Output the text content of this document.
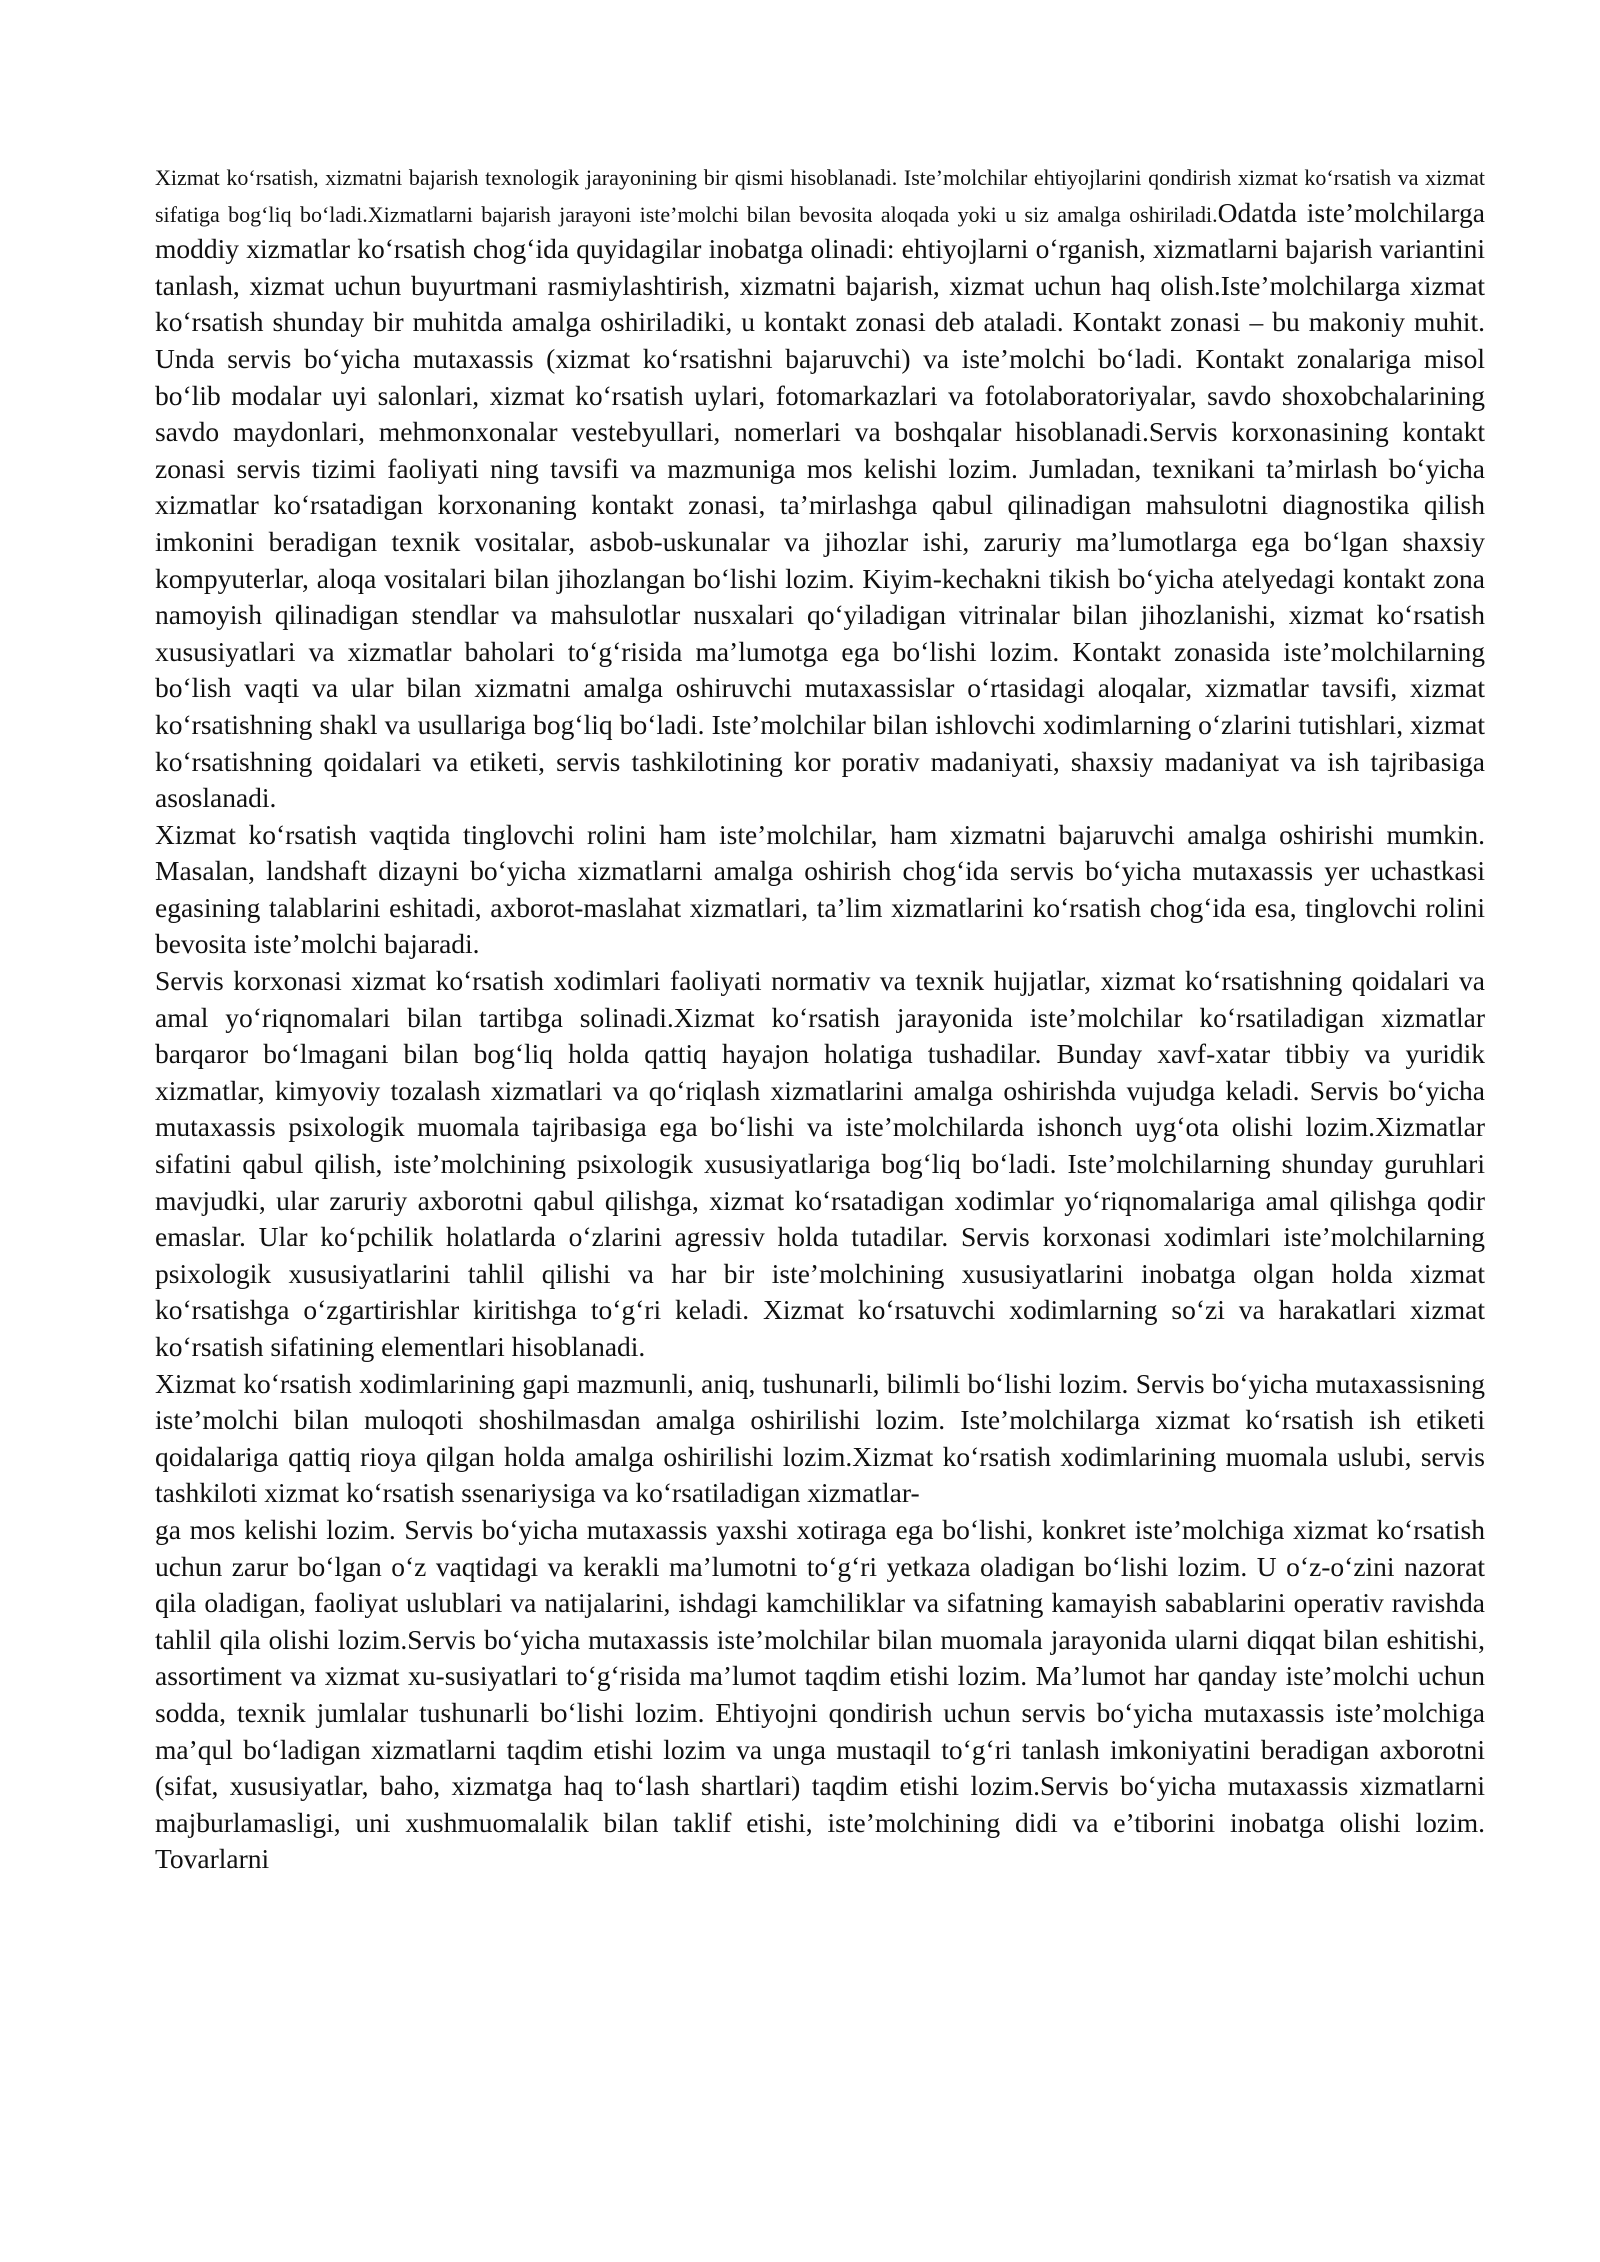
Xizmat ko‘rsatish, xizmatni bajarish texnologik jarayonining bir qismi hisoblanadi. Iste’molchilar ehtiyojlarini qondirish xizmat ko‘rsatish va xizmat sifatiga bog‘liq bo‘ladi.Xizmatlarni bajarish jarayoni iste’molchi bilan bevosita aloqada yoki u siz amalga oshiriladi.Odatda iste’molchilarga moddiy xizmatlar ko‘rsatish chog‘ida quyidagilar inobatga olinadi: ehtiyojlarni o‘rganish, xizmatlarni bajarish variantini tanlash, xizmat uchun buyurtmani rasmiylashtirish, xizmatni bajarish, xizmat uchun haq olish.Iste’molchilarga xizmat ko‘rsatish shunday bir muhitda amalga oshiriladiki, u kontakt zonasi deb ataladi. Kontakt zonasi – bu makoniy muhit. Unda servis bo‘yicha mutaxassis (xizmat ko‘rsatishni bajaruvchi) va iste’molchi bo‘ladi. Kontakt zonalariga misol bo‘lib modalar uyi salonlari, xizmat ko‘rsatish uylari, fotomarkazlari va fotolaboratoriyalar, savdo shoxobchalarining savdo maydonlari, mehmonxonalar vestebyullari, nomerlari va boshqalar hisoblanadi.Servis korxonasining kontakt zonasi servis tizimi faoliyati ning tavsifi va mazmuniga mos kelishi lozim. Jumladan, texnikani ta’mirlash bo‘yicha xizmatlar ko‘rsatadigan korxonaning kontakt zonasi, ta’mirlashga qabul qilinadigan mahsulotni diagnostika qilish imkonini beradigan texnik vositalar, asbob-uskunalar va jihozlar ishi, zaruriy ma’lumotlarga ega bo‘lgan shaxsiy kompyuterlar, aloqa vositalari bilan jihozlangan bo‘lishi lozim. Kiyim-kechakni tikish bo‘yicha atelyedagi kontakt zona namoyish qilinadigan stendlar va mahsulotlar nusxalari qo‘yiladigan vitrinalar bilan jihozlanishi, xizmat ko‘rsatish xususiyatlari va xizmatlar baholari to‘g‘risida ma’lumotga ega bo‘lishi lozim. Kontakt zonasida iste’molchilarning bo‘lish vaqti va ular bilan xizmatni amalga oshiruvchi mutaxassislar o‘rtasidagi aloqalar, xizmatlar tavsifi, xizmat ko‘rsatishning shakl va usullariga bog‘liq bo‘ladi. Iste’molchilar bilan ishlovchi xodimlarning o‘zlarini tutishlari, xizmat ko‘rsatishning qoidalari va etiketi, servis tashkilotining kor porativ madaniyati, shaxsiy madaniyat va ish tajribasiga asoslanadi.

Xizmat ko‘rsatish vaqtida tinglovchi rolini ham iste’molchilar, ham xizmatni bajaruvchi amalga oshirishi mumkin. Masalan, landshaft dizayni bo‘yicha xizmatlarni amalga oshirish chog‘ida servis bo‘yicha mutaxassis yer uchastkasi egasining talablarini eshitadi, axborot-maslahat xizmatlari, ta’lim xizmatlarini ko‘rsatish chog‘ida esa, tinglovchi rolini bevosita iste’molchi bajaradi.

Servis korxonasi xizmat ko‘rsatish xodimlari faoliyati normativ va texnik hujjatlar, xizmat ko‘rsatishning qoidalari va amal yo‘riqnomalari bilan tartibga solinadi.Xizmat ko‘rsatish jarayonida iste’molchilar ko‘rsatiladigan xizmatlar barqaror bo‘lmagani bilan bog‘liq holda qattiq hayajon holatiga tushadilar. Bunday xavf-xatar tibbiy va yuridik xizmatlar, kimyoviy tozalash xizmatlari va qo‘riqlash xizmatlarini amalga oshirishda vujudga keladi. Servis bo‘yicha mutaxassis psixologik muomala tajribasiga ega bo‘lishi va iste’molchilarda ishonch uyg‘ota olishi lozim.Xizmatlar sifatini qabul qilish, iste’molchining psixologik xususiyatlariga bog‘liq bo‘ladi. Iste’molchilarning shunday guruhlari mavjudki, ular zaruriy axborotni qabul qilishga, xizmat ko‘rsatadigan xodimlar yo‘riqnomalariga amal qilishga qodir emaslar. Ular ko‘pchilik holatlarda o‘zlarini agressiv holda tutadilar. Servis korxonasi xodimlari iste’molchilarning psixologik xususiyatlarini tahlil qilishi va har bir iste’molchining xususiyatlarini inobatga olgan holda xizmat ko‘rsatishga o‘zgartirishlar kiritishga to‘g‘ri keladi. Xizmat ko‘rsatuvchi xodimlarning so‘zi va harakatlari xizmat ko‘rsatish sifatining elementlari hisoblanadi.

Xizmat ko‘rsatish xodimlarining gapi mazmunli, aniq, tushunarli, bilimli bo‘lishi lozim. Servis bo‘yicha mutaxassisning iste’molchi bilan muloqoti shoshilmasdan amalga oshirilishi lozim. Iste’molchilarga xizmat ko‘rsatish ish etiketi qoidalariga qattiq rioya qilgan holda amalga oshirilishi lozim.Xizmat ko‘rsatish xodimlarining muomala uslubi, servis tashkiloti xizmat ko‘rsatish ssenariysiga va ko‘rsatiladigan xizmatlar-

ga mos kelishi lozim. Servis bo‘yicha mutaxassis yaxshi xotiraga ega bo‘lishi, konkret iste’molchiga xizmat ko‘rsatish uchun zarur bo‘lgan o‘z vaqtidagi va kerakli ma’lumotni to‘g‘ri yetkaza oladigan bo‘lishi lozim. U o‘z-o‘zini nazorat qila oladigan, faoliyat uslublari va natijalarini, ishdagi kamchiliklar va sifatning kamayish sabablarini operativ ravishda tahlil qila olishi lozim.Servis bo‘yicha mutaxassis iste’molchilar bilan muomala jarayonida ularni diqqat bilan eshitishi, assortiment va xizmat xu-susiyatlari to‘g‘risida ma’lumot taqdim etishi lozim. Ma’lumot har qanday iste’molchi uchun sodda, texnik jumlalar tushunarli bo‘lishi lozim. Ehtiyojni qondirish uchun servis bo‘yicha mutaxassis iste’molchiga ma’qul bo‘ladigan xizmatlarni taqdim etishi lozim va unga mustaqil to‘g‘ri tanlash imkoniyatini beradigan axborotni (sifat, xususiyatlar, baho, xizmatga haq to‘lash shartlari) taqdim etishi lozim.Servis bo‘yicha mutaxassis xizmatlarni majburlamasligi, uni xushmuomalalik bilan taklif etishi, iste’molchining didi va e’tiborini inobatga olishi lozim. Tovarlarni
